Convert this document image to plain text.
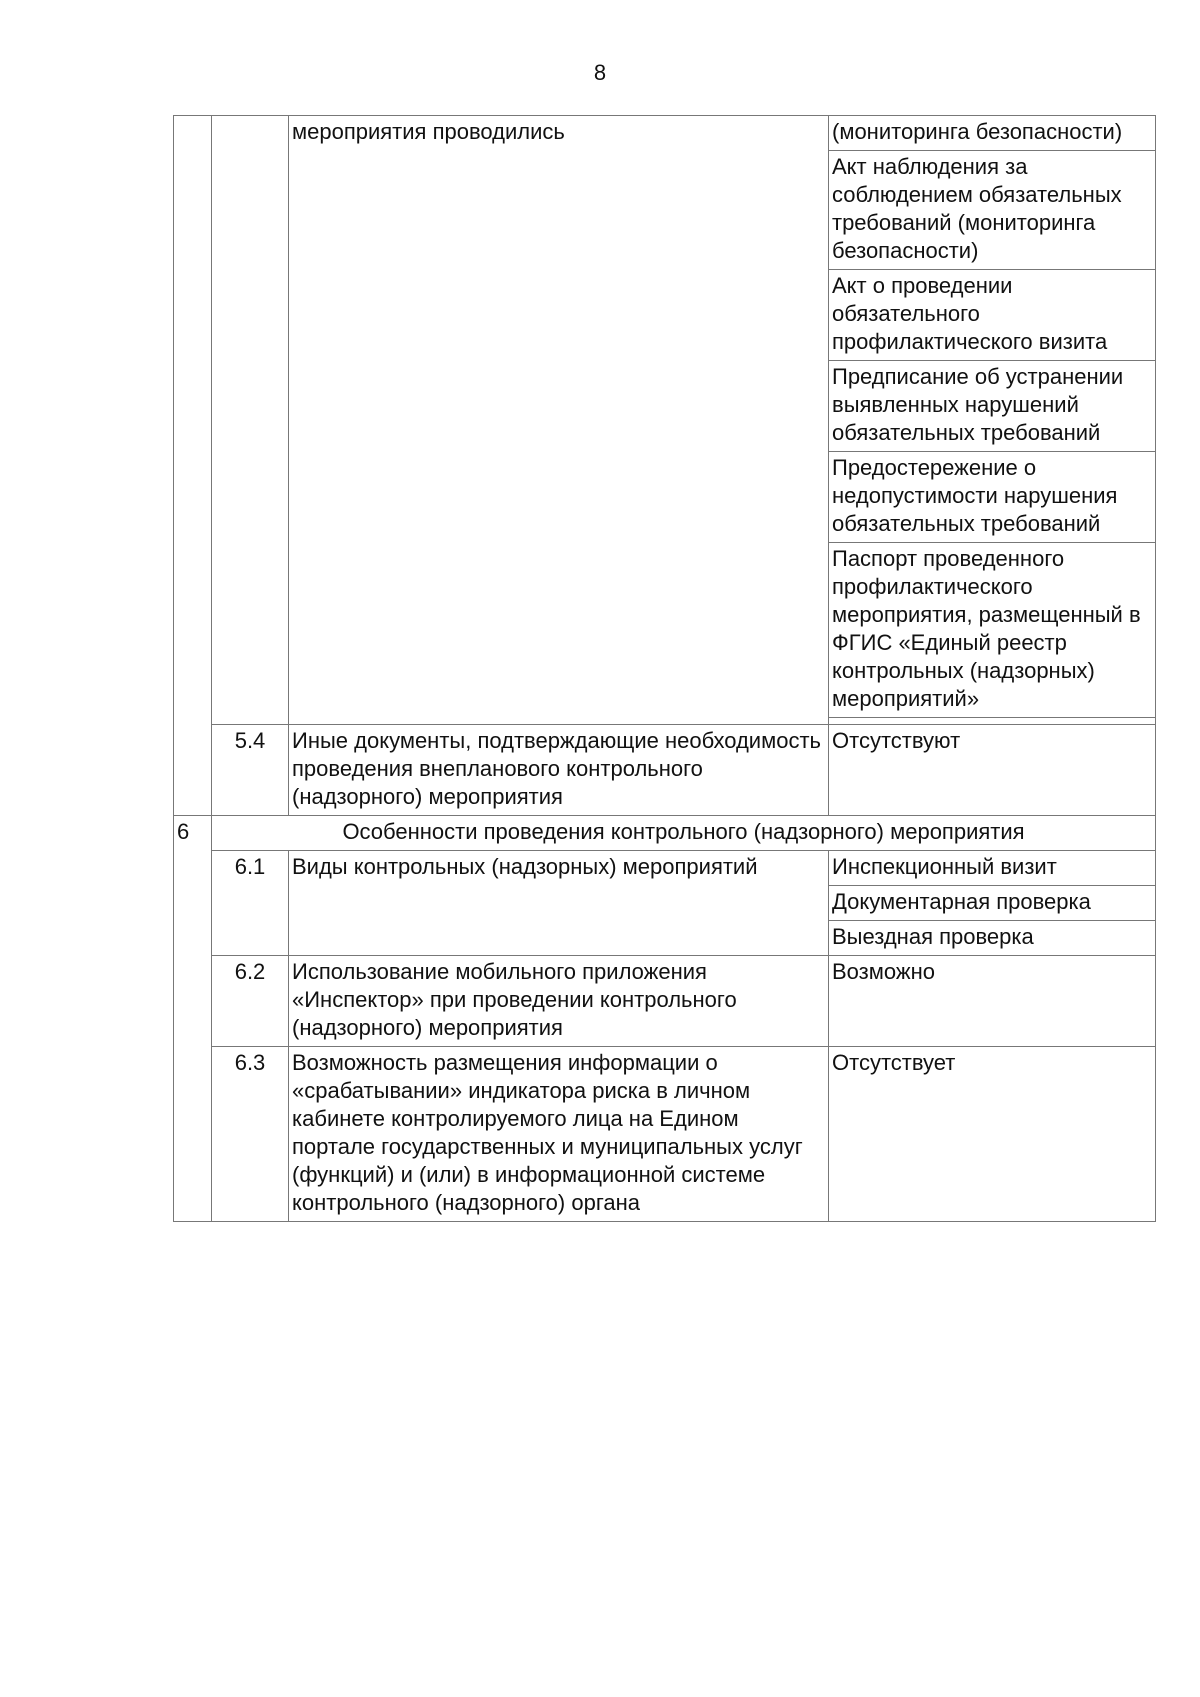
8
		мероприятия проводились	(мониторинга безопасности)
			Акт наблюдения за соблюдением обязательных требований (мониторинга безопасности)
			Акт о проведении обязательного профилактического визита
			Предписание об устранении выявленных нарушений обязательных требований
			Предостережение о недопустимости нарушения обязательных требований
			Паспорт проведенного профилактического мероприятия, размещенный в ФГИС «Единый реестр контрольных (надзорных) мероприятий»

	5.4	Иные документы, подтверждающие необходимость проведения внепланового контрольного (надзорного) мероприятия	Отсутствуют
6	Особенности проведения контрольного (надзорного) мероприятия		
	6.1	Виды контрольных (надзорных) мероприятий	Инспекционный визит
			Документарная проверка
			Выездная проверка
	6.2	Использование мобильного приложения «Инспектор» при проведении контрольного (надзорного) мероприятия	Возможно
	6.3	Возможность размещения информации о «срабатывании» индикатора риска в личном кабинете контролируемого лица на Едином портале государственных и муниципальных услуг (функций) и (или) в информационной системе контрольного (надзорного) органа	Отсутствует
